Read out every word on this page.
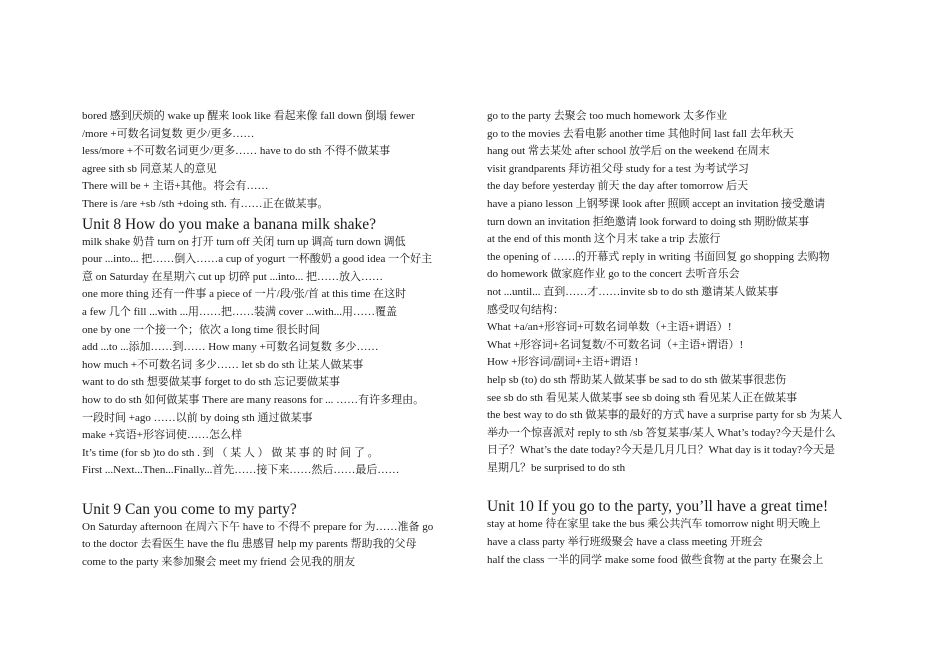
bored 感到厌烦的 wake up 醒来 look like 看起来像 fall down 倒塌 fewer
/more +可数名词复数 更少/更多……
less/more +不可数名词更少/更多…… have to do sth 不得不做某事
agree sith sb 同意某人的意见
There will be + 主语+其他。将会有……
There is /are +sb /sth +doing sth. 有……正在做某事。
Unit 8 How do you make a banana milk shake?
milk shake 奶昔 turn on 打开 turn off 关闭 turn up 调高 turn down 调低
pour ...into... 把……倒入……a cup of yogurt 一杯酸奶 a good idea 一个好主
意 on Saturday 在星期六 cut up 切碎 put ...into... 把……放入……
one more thing 还有一件事 a piece of 一片/段/张/首 at this time 在这时
a few 几个 fill ...with ...用……把……装满 cover ...with...用……覆盖
one by one 一个接一个；依次 a long time 很长时间
add ...to ...添加……到…… How many +可数名词复数 多少……
how much +不可数名词 多少…… let sb do sth 让某人做某事
want to do sth 想要做某事 forget to do sth 忘记要做某事
how to do sth 如何做某事 There are many reasons for ... ……有许多理由。
一段时间 +ago ……以前 by doing sth 通过做某事
make +宾语+形容词使……怎么样
It’s time (for sb )to do sth . 到 （ 某 人 ） 做 某 事 的 时 间 了 。
First ...Next...Then...Finally...首先……接下来……然后……最后……
Unit 9 Can you come to my party?
On Saturday afternoon 在周六下午 have to 不得不 prepare for 为……准备 go
to the doctor 去看医生 have the flu 患感冒 help my parents 帮助我的父母
come to the party 来参加聚会 meet my friend 会见我的朋友
go to the party 去聚会 too much homework 太多作业
go to the movies 去看电影 another time 其他时间 last fall 去年秋天
hang out 常去某处 after school 放学后 on the weekend 在周末
visit grandparents 拜访祖父母 study for a test 为考试学习
the day before yesterday 前天 the day after tomorrow 后天
have a piano lesson 上钢琴课 look after 照顾 accept an invitation 接受邀请
turn down an invitation 拒绝邀请 look forward to doing sth 期盼做某事
at the end of this month 这个月末 take a trip 去旅行
the opening of ……的开幕式 reply in writing 书面回复 go shopping 去购物
do homework 做家庭作业 go to the concert 去听音乐会
not ...until... 直到……才……invite sb to do sth 邀请某人做某事
感受叹句结构：
What +a/an+形容词+可数名词单数（+主语+谓语）!
What +形容词+名词复数/不可数名词（+主语+谓语）!
How +形容词/副词+主语+谓语 !
help sb (to) do sth 帮助某人做某事 be sad to do sth 做某事很悲伤
see sb do sth 看见某人做某事 see sb doing sth 看见某人正在做某事
the best way to do sth 做某事的最好的方式 have a surprise party for sb 为某人
举办一个惊喜派对 reply to sth /sb 答复某事/某人 What’s today?今天是什么
日子？What’s the date today?今天是几月几日？What day is it today?今天是
星期几？be surprised to do sth
Unit 10 If you go to the party, you’ll have a great time!
stay at home 待在家里 take the bus 乘公共汽车 tomorrow night 明天晚上
have a class party 举行班级聚会 have a class meeting 开班会
half the class 一半的同学 make some food 做些食物 at the party 在聚会上
